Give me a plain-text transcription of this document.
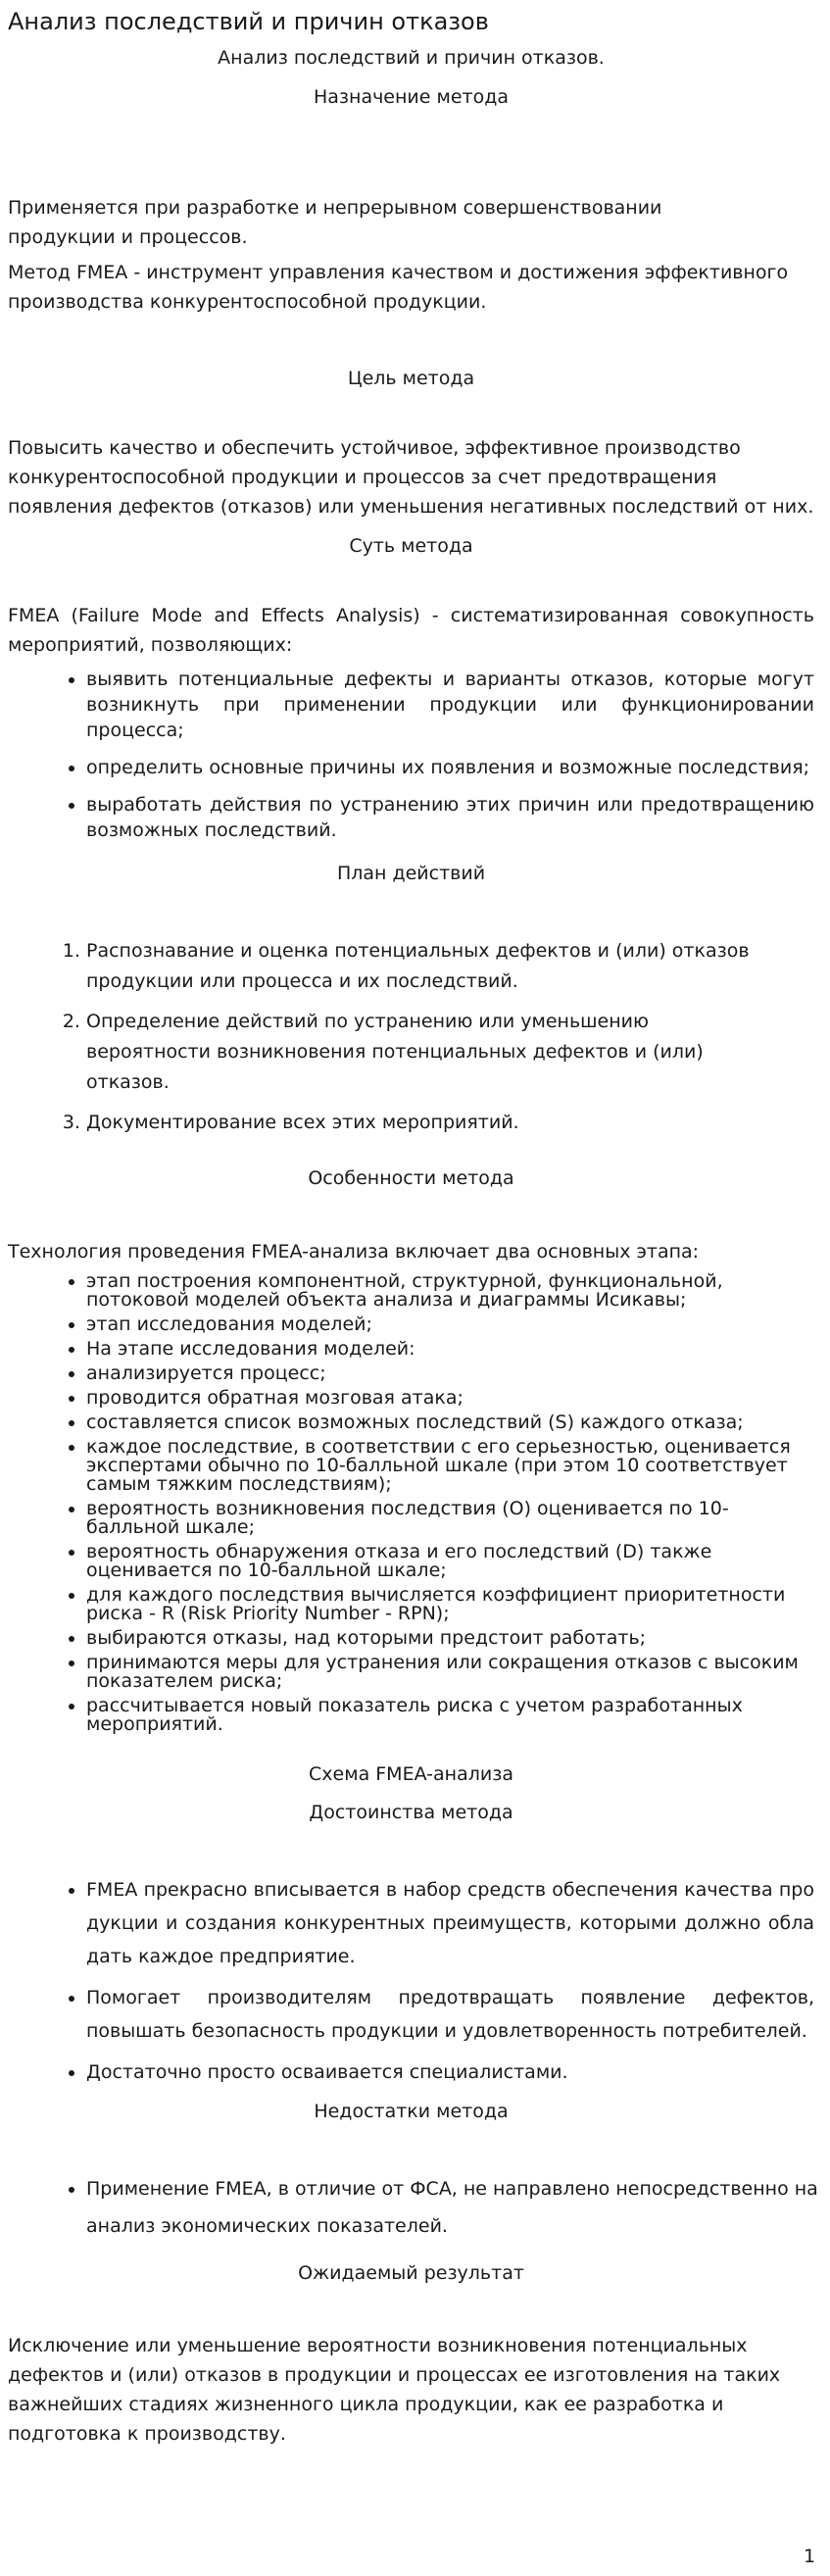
Анализ последствий и причин отказов

Анализ последствий и причин отказов.

Назначение метода

Применяется при разработке и непрерывном совершенствовании продукции и процессов.

Метод FMEA - инструмент управления качеством и достижения эффективного производства конкурентоспособной продукции.

Цель метода

Повысить качество и обеспечить устойчивое, эффективное производство конкурентоспособной продукции и процессов за счет предотвращения появления дефектов (отказов) или уменьшения негативных последствий от них.

Суть метода

FMEA (Failure Mode and Effects Analysis) - систематизированная совокупность мероприятий, позволяющих:

• выявить потенциальные дефекты и варианты отказов, которые могут возникнуть при применении продукции или функционировании процесса;
• определить основные причины их появления и возможные последствия;
• выработать действия по устранению этих причин или предотвращению возможных последствий.

План действий

1. Распознавание и оценка потенциальных дефектов и (или) отказов продукции или процесса и их последствий.
2. Определение действий по устранению или уменьшению вероятности возникновения потенциальных дефектов и (или) отказов.
3. Документирование всех этих мероприятий.

Особенности метода

Технология проведения FMEA-анализа включает два основных этапа:

• этап построения компонентной, структурной, функциональной, потоковой моделей объекта анализа и диаграммы Исикавы;
• этап исследования моделей;
• На этапе исследования моделей:
• анализируется процесс;
• проводится обратная мозговая атака;
• составляется список возможных последствий (S) каждого отказа;
• каждое последствие, в соответствии с его серьезностью, оценивается экспертами обычно по 10-балльной шкале (при этом 10 соответствует самым тяжким последствиям);
• вероятность возникновения последствия (O) оценивается по 10-балльной шкале;
• вероятность обнаружения отказа и его последствий (D) также оценивается по 10-балльной шкале;
• для каждого последствия вычисляется коэффициент приоритетности риска - R (Risk Priority Number - RPN);
• выбираются отказы, над которыми предстоит работать;
• принимаются меры для устранения или сокращения отказов с высоким показателем риска;
• рассчитывается новый показатель риска с учетом разработанных мероприятий.

Схема FMEA-анализа

Достоинства метода

• FMEA прекрасно вписывается в набор средств обеспечения качества продукции и создания конкурентных преимуществ, которыми должно обладать каждое предприятие.
• Помогает производителям предотвращать появление дефектов, повышать безопасность продукции и удовлетворенность потребителей.
• Достаточно просто осваивается специалистами.

Недостатки метода

• Применение FMEA, в отличие от ФСА, не направлено непосредственно на анализ экономических показателей.

Ожидаемый результат

Исключение или уменьшение вероятности возникновения потенциальных дефектов и (или) отказов в продукции и процессах ее изготовления на таких важнейших стадиях жизненного цикла продукции, как ее разработка и подготовка к производству.

1
